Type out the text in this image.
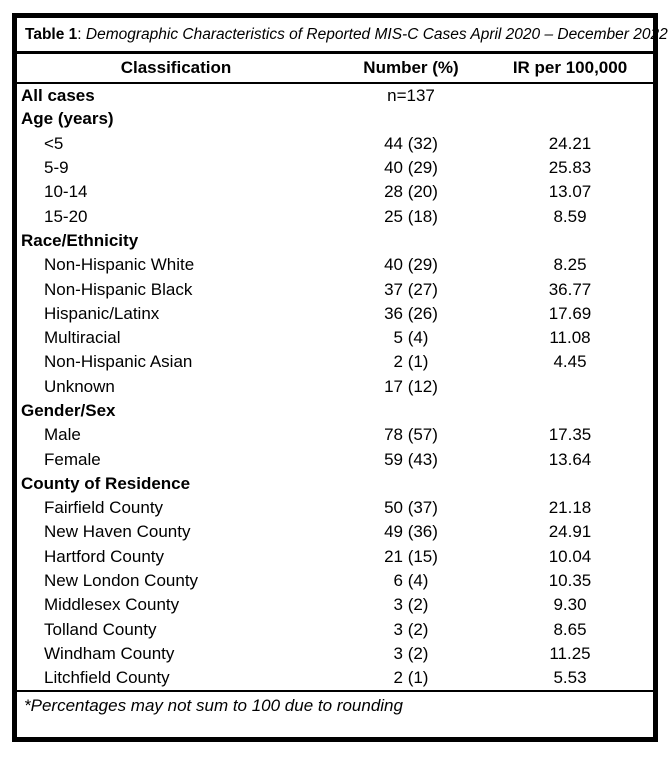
Table 1 : Demographic Characteristics of Reported MIS-C Cases April 2020 – December 2022
Classification	Number (%)	IR per 100,000
All cases	n=137	
Age (years)		
<5	44 (32)	24.21
5-9	40 (29)	25.83
10-14	28 (20)	13.07
15-20	25 (18)	8.59
Race/Ethnicity		
Non-Hispanic White	40 (29)	8.25
Non-Hispanic Black	37 (27)	36.77
Hispanic/Latinx	36 (26)	17.69
Multiracial	5 (4)	11.08
Non-Hispanic Asian	2 (1)	4.45
Unknown	17 (12)	
Gender/Sex		
Male	78 (57)	17.35
Female	59 (43)	13.64
County of Residence		
Fairfield County	50 (37)	21.18
New Haven County	49 (36)	24.91
Hartford County	21 (15)	10.04
New London County	6 (4)	10.35
Middlesex County	3 (2)	9.30
Tolland County	3 (2)	8.65
Windham County	3 (2)	11.25
Litchfield County	2 (1)	5.53
*Percentages may not sum to 100 due to rounding
